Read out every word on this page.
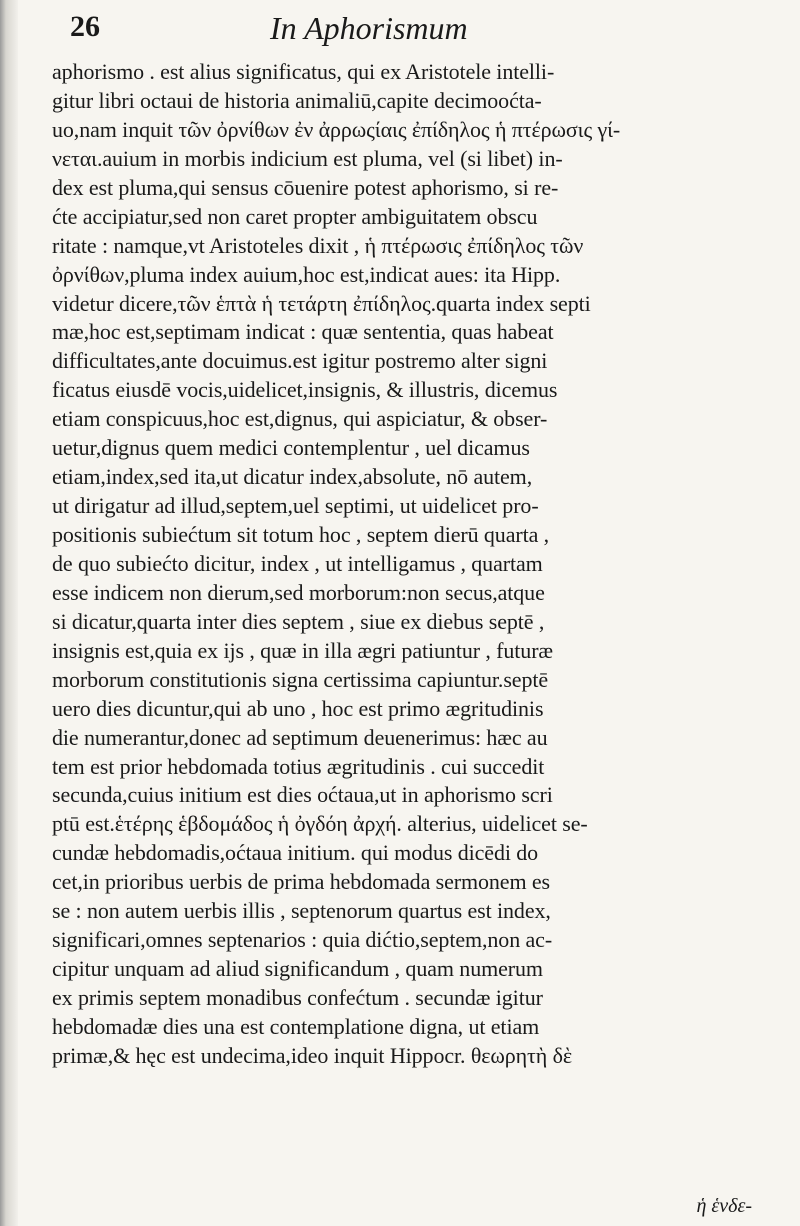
26	In Aphorismum
aphorismo . est alius significatus, qui ex Aristotele intelli-
gitur libri octaui de historia animaliū,capite decimooćta-
uo,nam inquit τῶν ὀρνίθων ἐν ἀρρωςίαις ἐπίδηλος ἡ πτέρωσις γί-
νεται.auium in morbis indicium est pluma, vel (si libet) in-
dex est pluma,qui sensus cōuenire potest aphorismo, si re-
ćte accipiatur,sed non caret propter ambiguitatem obscu
ritate : namque,vt Aristoteles dixit , ἡ πτέρωσις ἐπίδηλος τῶν
ὀρνίθων,pluma index auium,hoc est,indicat aues: ita Hipp.
videtur dicere,τῶν ἑπτὰ ἡ τετάρτη ἐπίδηλος.quarta index septi
mæ,hoc est,septimam indicat : quæ sententia, quas habeat
difficultates,ante docuimus.est igitur postremo alter signi
ficatus eiusdē vocis,uidelicet,insignis, & illustris, dicemus
etiam conspicuus,hoc est,dignus, qui aspiciatur, & obser-
uetur,dignus quem medici contemplentur , uel dicamus
etiam,index,sed ita,ut dicatur index,absolute, nō autem,
ut dirigatur ad illud,septem,uel septimi, ut uidelicet pro-
positionis subiećtum sit totum hoc , septem dierū quarta ,
de quo subiećto dicitur, index , ut intelligamus , quartam
esse indicem non dierum,sed morborum:non secus,atque
si dicatur,quarta inter dies septem , siue ex diebus septē ,
insignis est,quia ex ijs , quæ in illa ægri patiuntur , futuræ
morborum constitutionis signa certissima capiuntur.septē
uero dies dicuntur,qui ab uno , hoc est primo ægritudinis
die numerantur,donec ad septimum deuenerimus: hæc au
tem est prior hebdomada totius ægritudinis . cui succedit
secunda,cuius initium est dies oćtaua,ut in aphorismo scri
ptū est.ἑτέρης ἑβδομάδος ἡ ὀγδόη ἀρχή. alterius, uidelicet se-
cundæ hebdomadis,oćtaua initium. qui modus dicēdi do
cet,in prioribus uerbis de prima hebdomada sermonem es
se : non autem uerbis illis , septenorum quartus est index,
significari,omnes septenarios : quia dićtio,septem,non ac-
cipitur unquam ad aliud significandum , quam numerum
ex primis septem monadibus confećtum . secundæ igitur
hebdomadæ dies una est contemplatione digna, ut etiam
primæ,& hęc est undecima,ideo inquit Hippocr. θεωρητὴ δὲ
ἡ ἑνδε-
